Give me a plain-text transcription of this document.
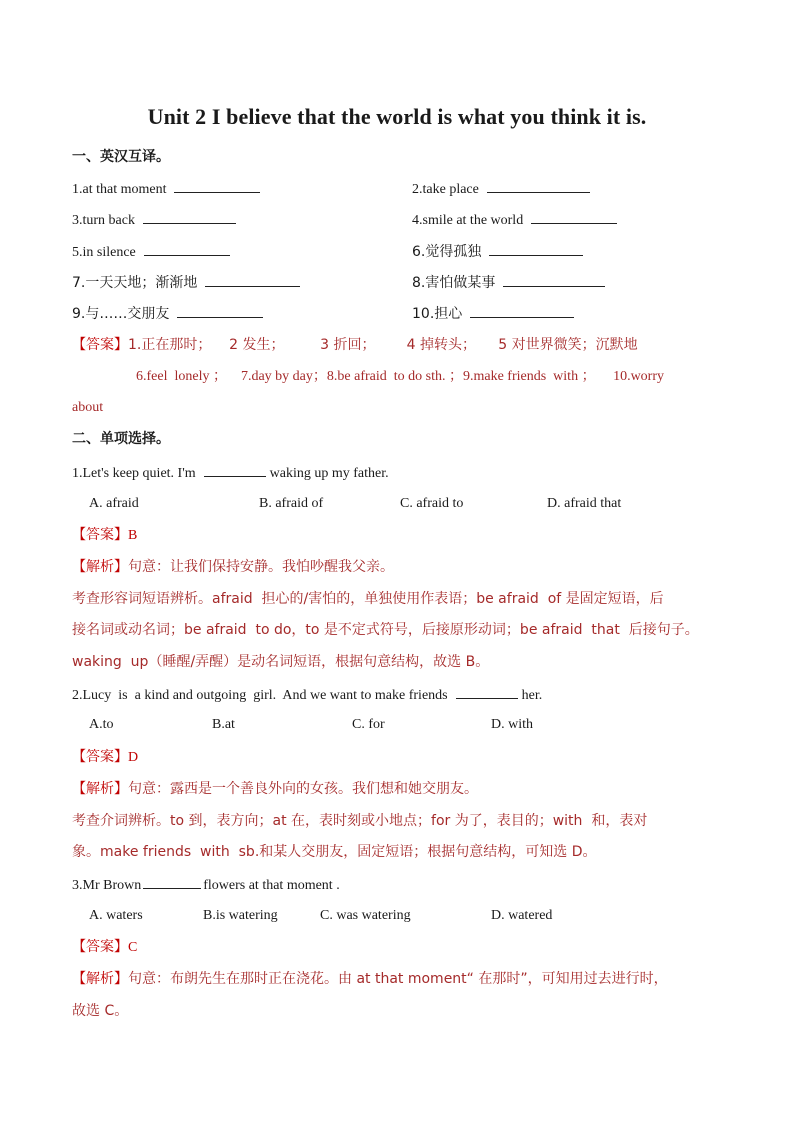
Unit 2 I believe that the world is what you think it is.
一、英汉互译。
1.at that moment	2.take place
3.turn back	4.smile at the world
5.in silence	6.觉得孤独
7.一天天地；渐渐地	8.害怕做某事
9.与……交朋友	10.担心
【答案】1.正在那时；    2 发生；        3 折回；       4 掉转头；     5 对世界微笑；沉默地
6.feel  lonely ；    7.day by day；8.be afraid  to do sth. ；9.make friends  with ；     10.worry
about
二、单项选择。
1.Let's keep quiet. I'm	waking up my father.
A. afraid	B. afraid of	C. afraid to	D. afraid that
【答案】B
【解析】句意：让我们保持安静。我怕吵醒我父亲。
考查形容词短语辨析。afraid  担心的/害怕的，单独使用作表语；be afraid  of 是固定短语，后
接名词或动名词；be afraid  to do，to 是不定式符号，后接原形动词；be afraid  that  后接句子。
waking  up（睡醒/弄醒）是动名词短语，根据句意结构，故选 B。
2.Lucy  is  a kind and outgoing  girl.  And we want to make friends	her.
A.to	B.at	C. for	D. with
【答案】D
【解析】句意：露西是一个善良外向的女孩。我们想和她交朋友。
考查介词辨析。to 到，表方向；at 在，表时刻或小地点；for 为了，表目的；with  和，表对
象。make friends  with  sb.和某人交朋友，固定短语；根据句意结构，可知选 D。
3.Mr Brown	flowers at that moment .
A. waters	B.is watering	C. was watering	D. watered
【答案】C
【解析】句意：布朗先生在那时正在浇花。由 at that moment“ 在那时”，可知用过去进行时，
故选 C。
